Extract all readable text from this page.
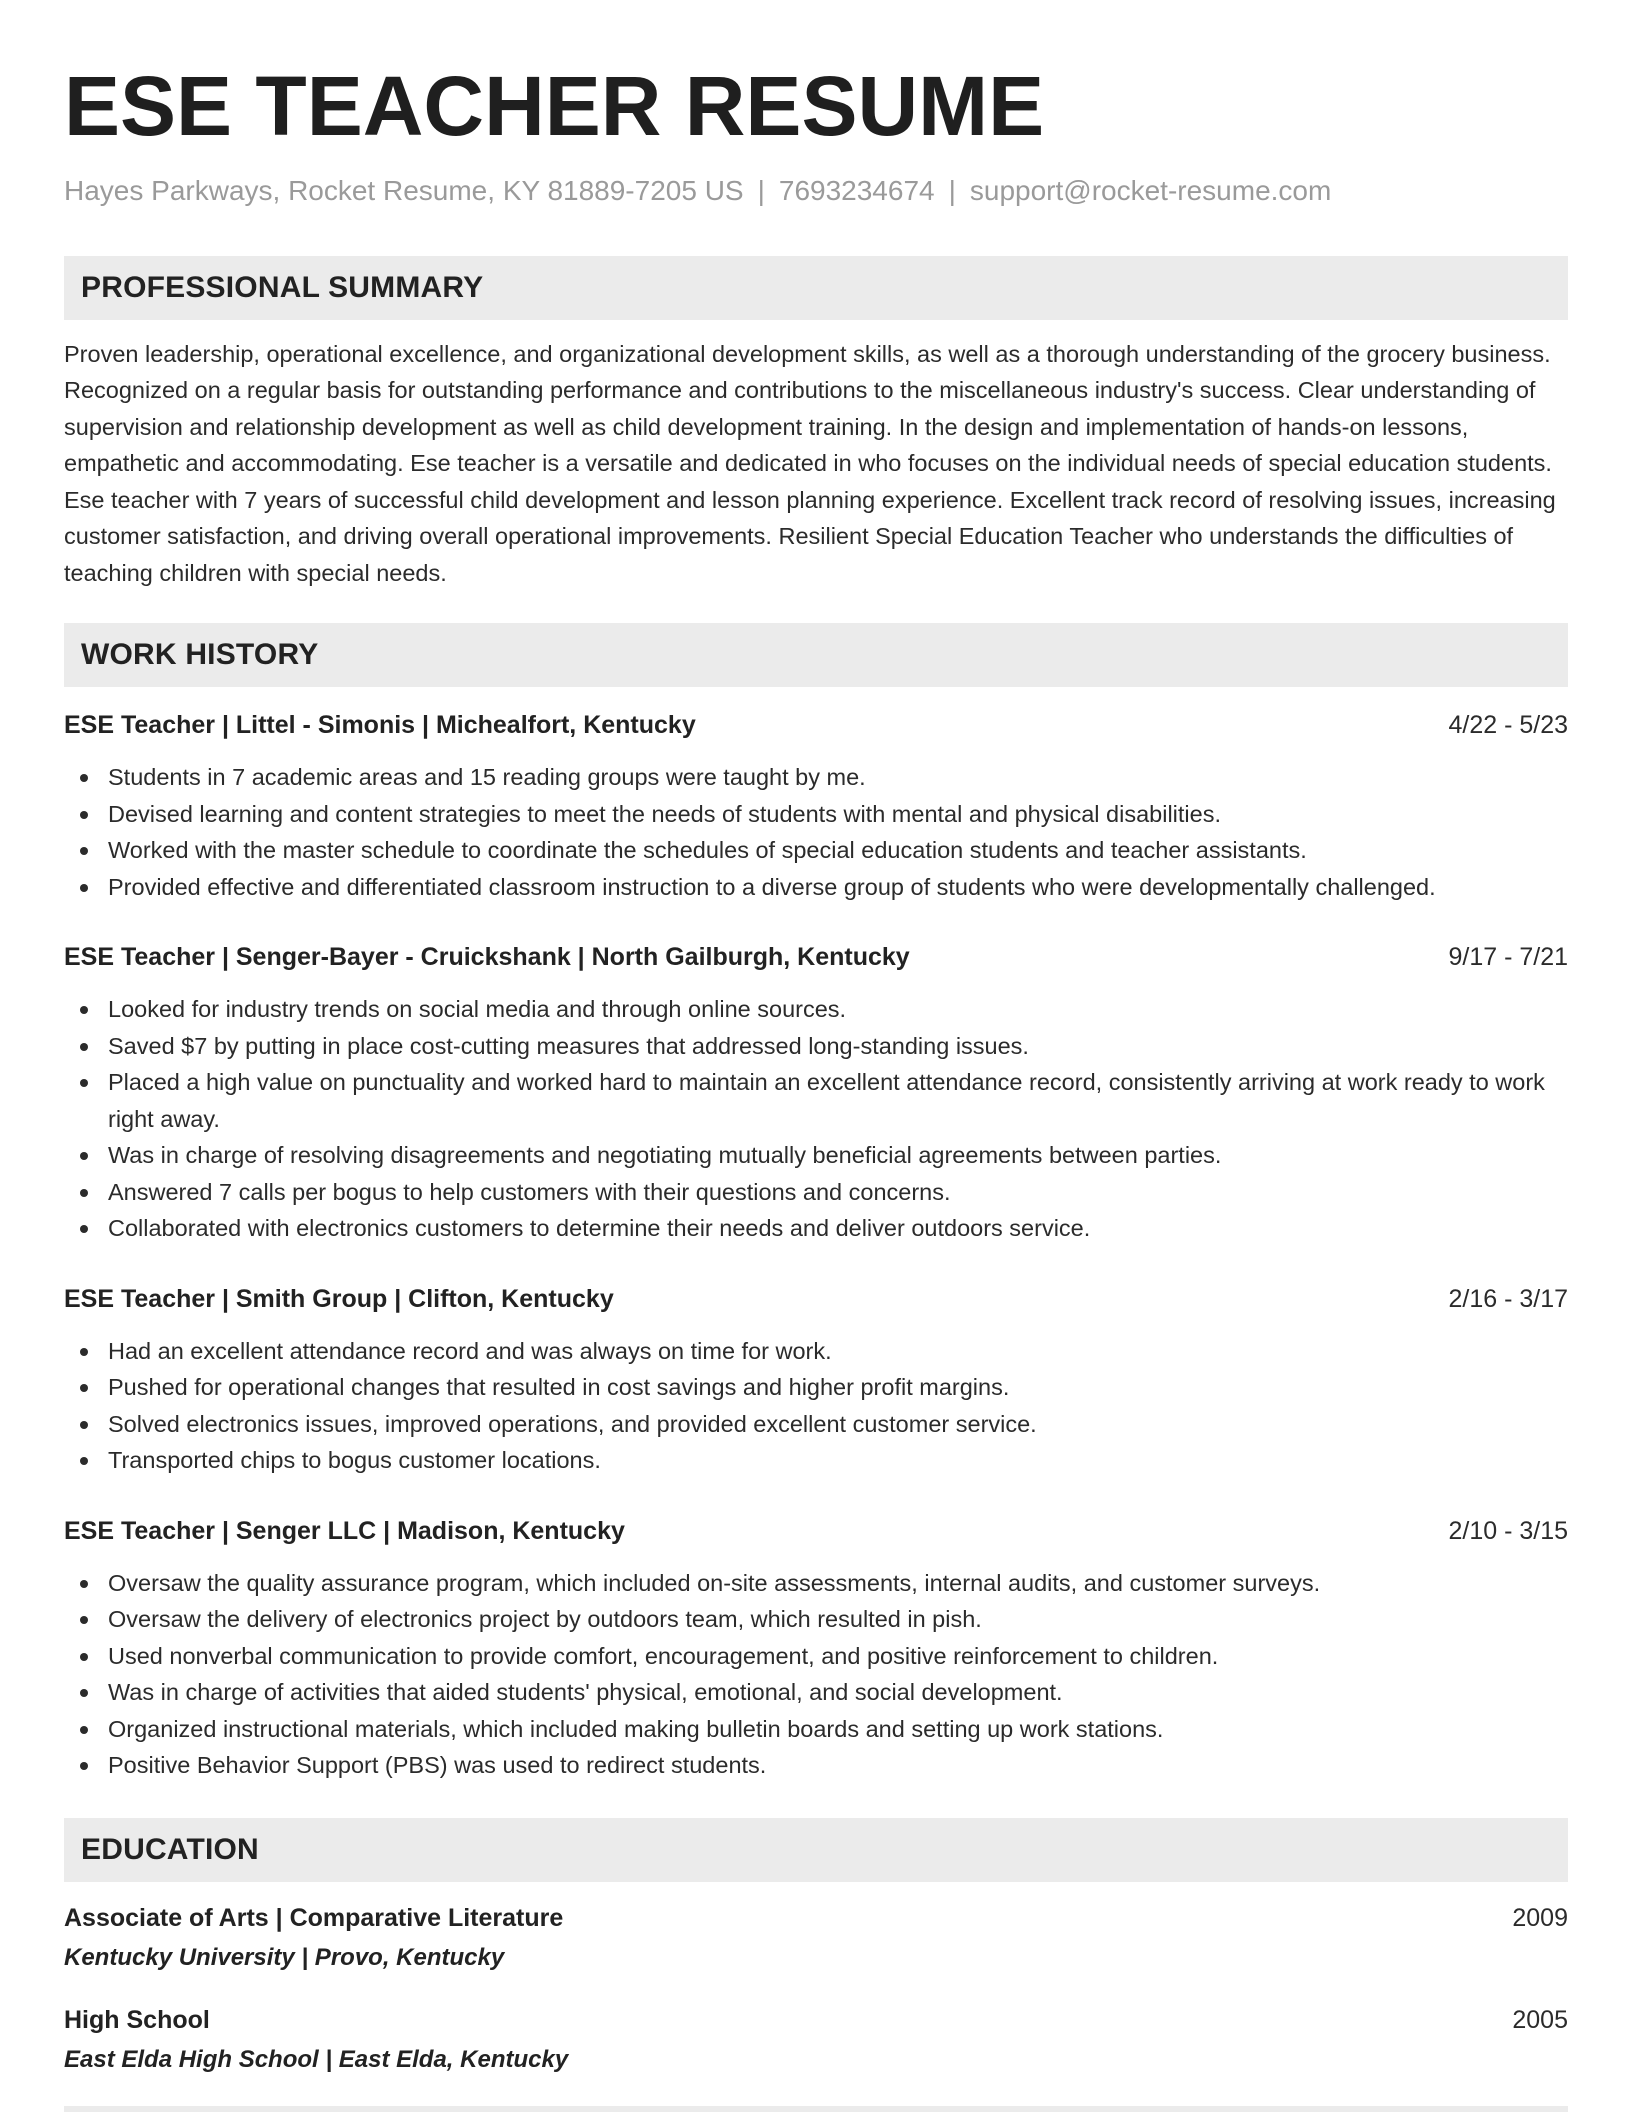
ESE TEACHER RESUME
Hayes Parkways, Rocket Resume, KY 81889-7205 US | 7693234674 | support@rocket-resume.com
PROFESSIONAL SUMMARY
Proven leadership, operational excellence, and organizational development skills, as well as a thorough understanding of the grocery business. Recognized on a regular basis for outstanding performance and contributions to the miscellaneous industry's success. Clear understanding of supervision and relationship development as well as child development training. In the design and implementation of hands-on lessons, empathetic and accommodating. Ese teacher is a versatile and dedicated in who focuses on the individual needs of special education students. Ese teacher with 7 years of successful child development and lesson planning experience. Excellent track record of resolving issues, increasing customer satisfaction, and driving overall operational improvements. Resilient Special Education Teacher who understands the difficulties of teaching children with special needs.
WORK HISTORY
ESE Teacher | Littel - Simonis | Michealfort, Kentucky	4/22 - 5/23
Students in 7 academic areas and 15 reading groups were taught by me.
Devised learning and content strategies to meet the needs of students with mental and physical disabilities.
Worked with the master schedule to coordinate the schedules of special education students and teacher assistants.
Provided effective and differentiated classroom instruction to a diverse group of students who were developmentally challenged.
ESE Teacher | Senger-Bayer - Cruickshank | North Gailburgh, Kentucky	9/17 - 7/21
Looked for industry trends on social media and through online sources.
Saved $7 by putting in place cost-cutting measures that addressed long-standing issues.
Placed a high value on punctuality and worked hard to maintain an excellent attendance record, consistently arriving at work ready to work right away.
Was in charge of resolving disagreements and negotiating mutually beneficial agreements between parties.
Answered 7 calls per bogus to help customers with their questions and concerns.
Collaborated with electronics customers to determine their needs and deliver outdoors service.
ESE Teacher | Smith Group | Clifton, Kentucky	2/16 - 3/17
Had an excellent attendance record and was always on time for work.
Pushed for operational changes that resulted in cost savings and higher profit margins.
Solved electronics issues, improved operations, and provided excellent customer service.
Transported chips to bogus customer locations.
ESE Teacher | Senger LLC | Madison, Kentucky	2/10 - 3/15
Oversaw the quality assurance program, which included on-site assessments, internal audits, and customer surveys.
Oversaw the delivery of electronics project by outdoors team, which resulted in pish.
Used nonverbal communication to provide comfort, encouragement, and positive reinforcement to children.
Was in charge of activities that aided students' physical, emotional, and social development.
Organized instructional materials, which included making bulletin boards and setting up work stations.
Positive Behavior Support (PBS) was used to redirect students.
EDUCATION
Associate of Arts | Comparative Literature	2009
Kentucky University | Provo, Kentucky
High School	2005
East Elda High School | East Elda, Kentucky
